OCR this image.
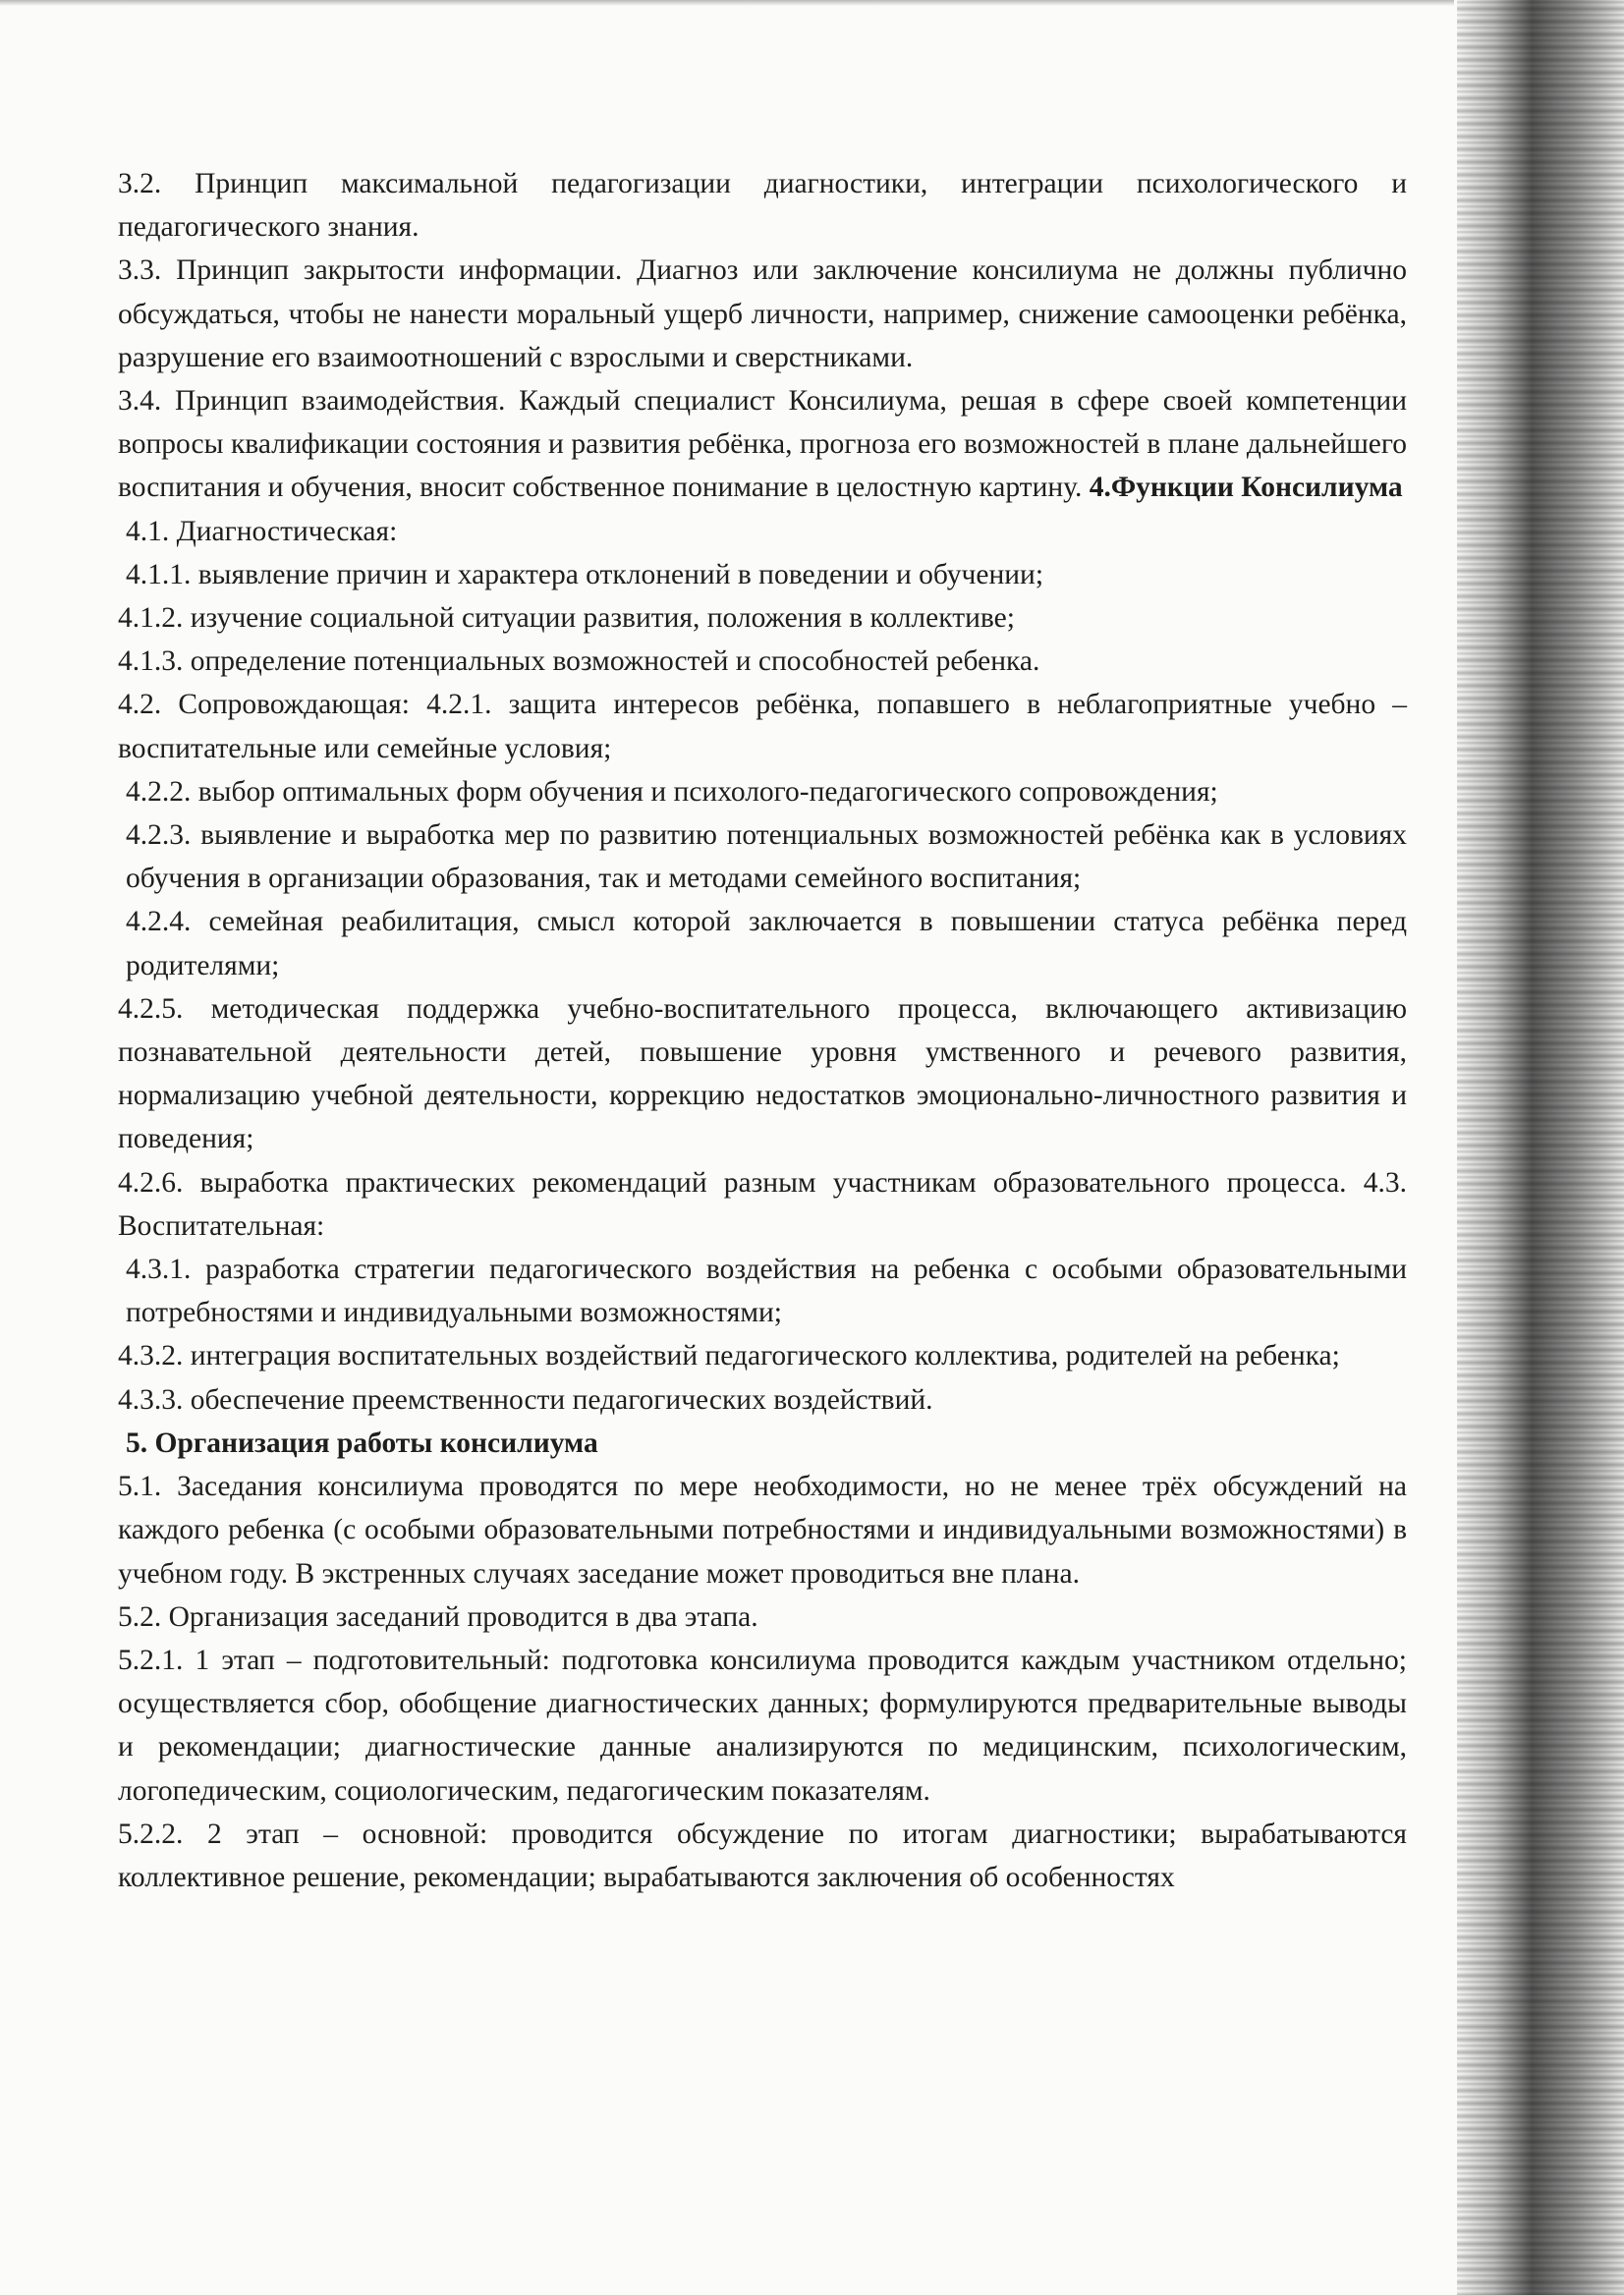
3.2. Принцип максимальной педагогизации диагностики, интеграции психологического и педагогического знания.

3.3. Принцип закрытости информации. Диагноз или заключение консилиума не должны публично обсуждаться, чтобы не нанести моральный ущерб личности, например, снижение самооценки ребёнка, разрушение его взаимоотношений с взрослыми и сверстниками.

3.4. Принцип взаимодействия. Каждый специалист Консилиума, решая в сфере своей компетенции вопросы квалификации состояния и развития ребёнка, прогноза его возможностей в плане дальнейшего воспитания и обучения, вносит собственное понимание в целостную картину. 4.Функции Консилиума

4.1. Диагностическая:

4.1.1. выявление причин и характера отклонений в поведении и обучении;

4.1.2. изучение социальной ситуации развития, положения в коллективе;

4.1.3. определение потенциальных возможностей и способностей ребенка.

4.2. Сопровождающая: 4.2.1. защита интересов ребёнка, попавшего в неблагоприятные учебно – воспитательные или семейные условия;

4.2.2. выбор оптимальных форм обучения и психолого-педагогического сопровождения;

4.2.3. выявление и выработка мер по развитию потенциальных возможностей ребёнка как в условиях обучения в организации образования, так и методами семейного воспитания;

4.2.4. семейная реабилитация, смысл которой заключается в повышении статуса ребёнка перед родителями;

4.2.5. методическая поддержка учебно-воспитательного процесса, включающего активизацию познавательной деятельности детей, повышение уровня умственного и речевого развития, нормализацию учебной деятельности, коррекцию недостатков эмоционально-личностного развития и поведения;

4.2.6. выработка практических рекомендаций разным участникам образовательного процесса. 4.3. Воспитательная:

4.3.1. разработка стратегии педагогического воздействия на ребенка с особыми образовательными потребностями и индивидуальными возможностями;

4.3.2. интеграция воспитательных воздействий педагогического коллектива, родителей на ребенка;

4.3.3. обеспечение преемственности педагогических воздействий.

5. Организация работы консилиума

5.1. Заседания консилиума проводятся по мере необходимости, но не менее трёх обсуждений на каждого ребенка (с особыми образовательными потребностями и индивидуальными возможностями) в учебном году. В экстренных случаях заседание может проводиться вне плана.

5.2. Организация заседаний проводится в два этапа.

5.2.1. 1 этап – подготовительный: подготовка консилиума проводится каждым участником отдельно; осуществляется сбор, обобщение диагностических данных; формулируются предварительные выводы и рекомендации; диагностические данные анализируются по медицинским, психологическим, логопедическим, социологическим, педагогическим показателям.

5.2.2. 2 этап – основной: проводится обсуждение по итогам диагностики; вырабатываются коллективное решение, рекомендации; вырабатываются заключения об особенностях
